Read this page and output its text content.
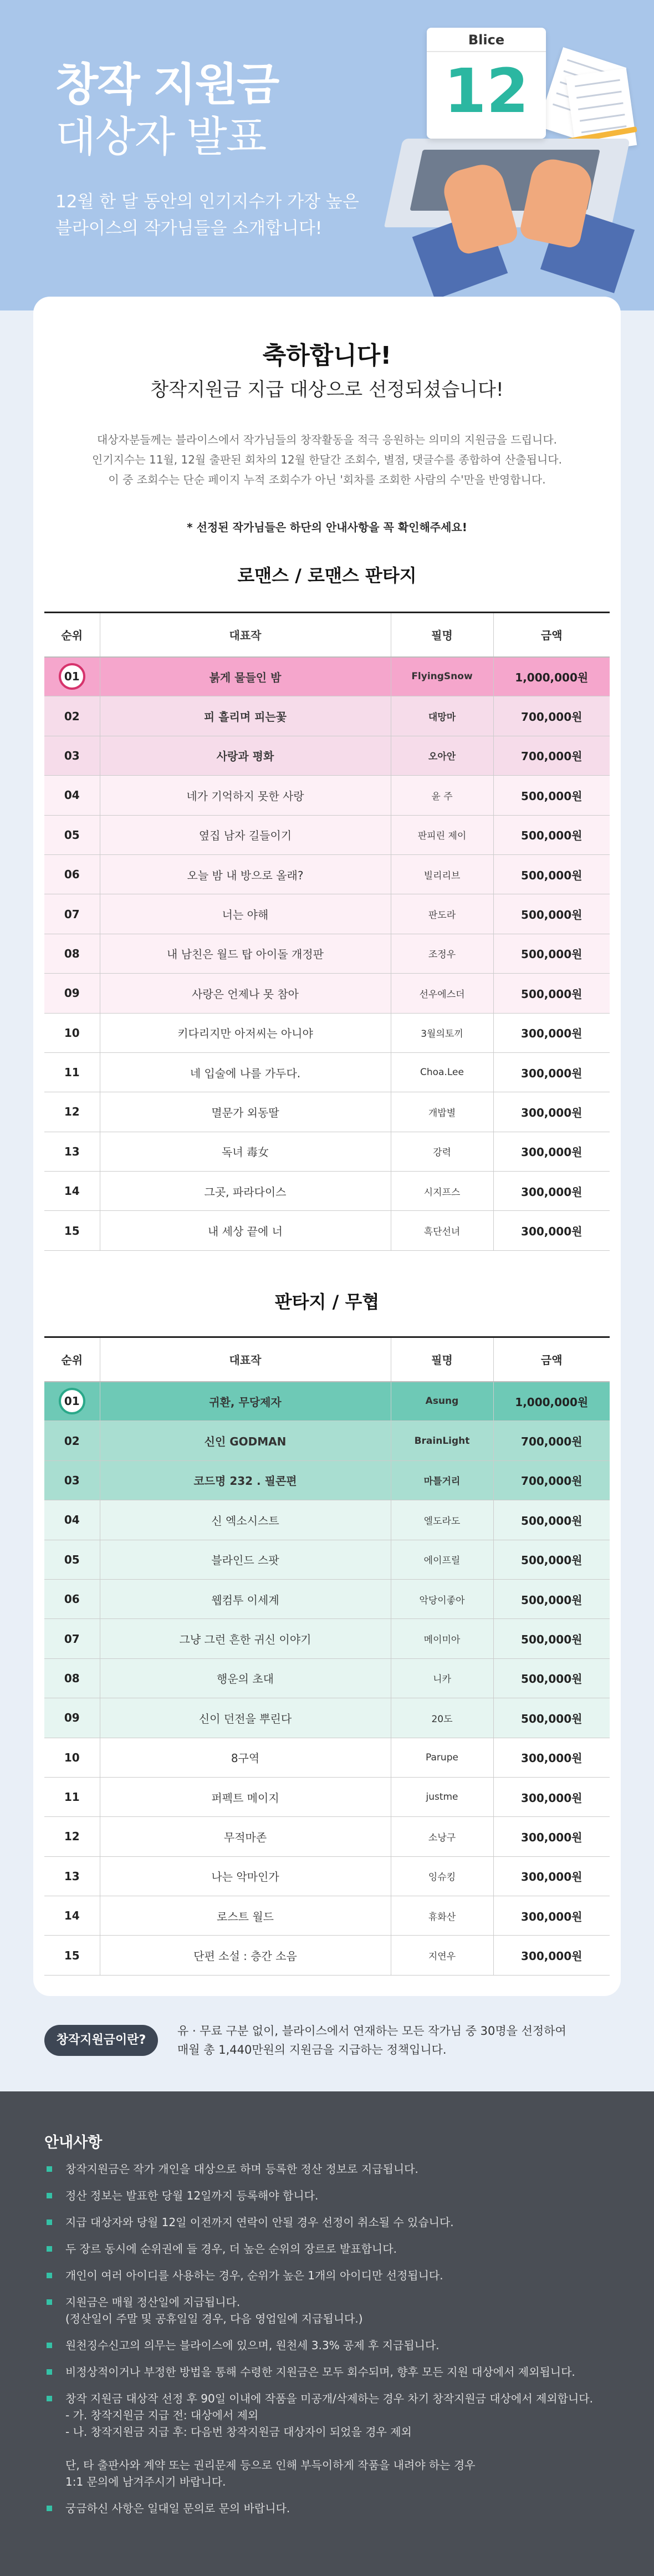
창작 지원금
대상자 발표
12월 한 달 동안의 인기지수가 가장 높은
블라이스의 작가님들을 소개합니다!
Blice
12
축하합니다!
창작지원금 지급 대상으로 선정되셨습니다!
대상자분들께는 블라이스에서 작가님들의 창작활동을 적극 응원하는 의미의 지원금을 드립니다.
인기지수는 11월, 12월 출판된 회차의 12월 한달간 조회수, 별점, 댓글수를 종합하여 산출됩니다.
이 중 조회수는 단순 페이지 누적 조회수가 아닌 '회차를 조회한 사람의 수'만을 반영합니다.
* 선정된 작가님들은 하단의 안내사항을 꼭 확인해주세요!
로맨스 / 로맨스 판타지
순위	대표작	필명	금액
01	붉게 물들인 밤	FlyingSnow	1,000,000원
02	피 흘리며 피는꽃	대망마	700,000원
03	사랑과 평화	오아안	700,000원
04	네가 기억하지 못한 사랑	윤 주	500,000원
05	옆집 남자 길들이기	판피린 제이	500,000원
06	오늘 밤 내 방으로 올래?	빌리리브	500,000원
07	너는 야해	판도라	500,000원
08	내 남친은 월드 탑 아이돌 개정판	조정우	500,000원
09	사랑은 언제나 못 참아	선우에스더	500,000원
10	키다리지만 아저씨는 아니야	3월의토끼	300,000원
11	네 입술에 나를 가두다.	Choa.Lee	300,000원
12	멸문가 외동딸	개밥별	300,000원
13	독녀 毒女	강력	300,000원
14	그곳, 파라다이스	시지프스	300,000원
15	내 세상 끝에 너	흑단선녀	300,000원
판타지 / 무협
순위	대표작	필명	금액
01	귀환, 무당제자	Asung	1,000,000원
02	신인 GODMAN	BrainLight	700,000원
03	코드명 232 . 필콘편	마틀거리	700,000원
04	신 엑소시스트	엘도라도	500,000원
05	블라인드 스팟	에이프릴	500,000원
06	웹컴투 이세계	악당이좋아	500,000원
07	그냥 그런 흔한 귀신 이야기	메이미아	500,000원
08	행운의 초대	니카	500,000원
09	신이 던전을 뿌린다	20도	500,000원
10	8구역	Parupe	300,000원
11	퍼펙트 메이지	justme	300,000원
12	무적마존	소낭구	300,000원
13	나는 악마인가	잉슈킹	300,000원
14	로스트 월드	휴화산	300,000원
15	단편 소설 : 층간 소음	지연우	300,000원
창작지원금이란?
유 · 무료 구분 없이, 블라이스에서 연재하는 모든 작가님 중 30명을 선정하여
매월 총 1,440만원의 지원금을 지급하는 정책입니다.
안내사항
창작지원금은 작가 개인을 대상으로 하며 등록한 정산 정보로 지급됩니다.
정산 정보는 발표한 당월 12일까지 등록해야 합니다.
지급 대상자와 당월 12일 이전까지 연락이 안될 경우 선정이 취소될 수 있습니다.
두 장르 동시에 순위권에 들 경우, 더 높은 순위의 장르로 발표합니다.
개인이 여러 아이디를 사용하는 경우, 순위가 높은 1개의 아이디만 선정됩니다.
지원금은 매월 정산일에 지급됩니다.
(정산일이 주말 및 공휴일일 경우, 다음 영업일에 지급됩니다.)
원천징수신고의 의무는 블라이스에 있으며, 원천세 3.3% 공제 후 지급됩니다.
비정상적이거나 부정한 방법을 통해 수령한 지원금은 모두 회수되며, 향후 모든 지원 대상에서 제외됩니다.
창작 지원금 대상작 선정 후 90일 이내에 작품을 미공개/삭제하는 경우 차기 창작지원금 대상에서 제외합니다.
- 가. 창작지원금 지급 전: 대상에서 제외
- 나. 창작지원금 지급 후: 다음번 창작지원금 대상자이 되었을 경우 제외

단, 타 출판사와 계약 또는 권리문제 등으로 인해 부득이하게 작품을 내려야 하는 경우
1:1 문의에 남겨주시기 바랍니다.
궁금하신 사항은 일대일 문의로 문의 바랍니다.
